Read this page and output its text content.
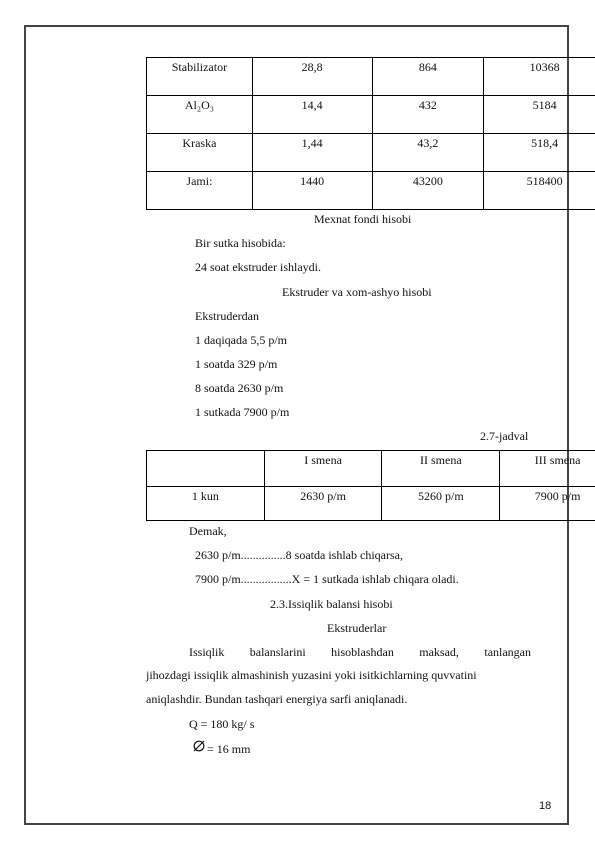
Stabilizator	28,8	864	10368

Al₂O₃	14,4	432	5184

Kraska	1,44	43,2	518,4

Jami:	1440	43200	518400
Mexnat fondi hisobi
Bir sutka hisobida:
24 soat ekstruder ishlaydi.
Ekstruder va xom-ashyo hisobi
Ekstruderdan
1 daqiqada 5,5 p/m
1 soatda 329 p/m
8 soatda 2630 p/m
1 sutkada 7900 p/m
2.7-jadval

	I smena	II smena	III smena

1 kun	2630 p/m	5260 p/m	7900 p/m
Demak,
2630 p/m...............8 soatda ishlab chiqarsa,
7900 p/m.................X = 1 sutkada ishlab chiqara oladi.
2.3.Issiqlik balansi hisobi
Ekstruderlar
Issiqlik balanslarini hisoblashdan maksad, tanlangan
jihozdagi issiqlik almashinish yuzasini yoki isitkichlarning quvvatini
aniqlashdir. Bundan tashqari energiya sarfi aniqlanadi.
Q = 180 kg/ s
= 16 mm
18
